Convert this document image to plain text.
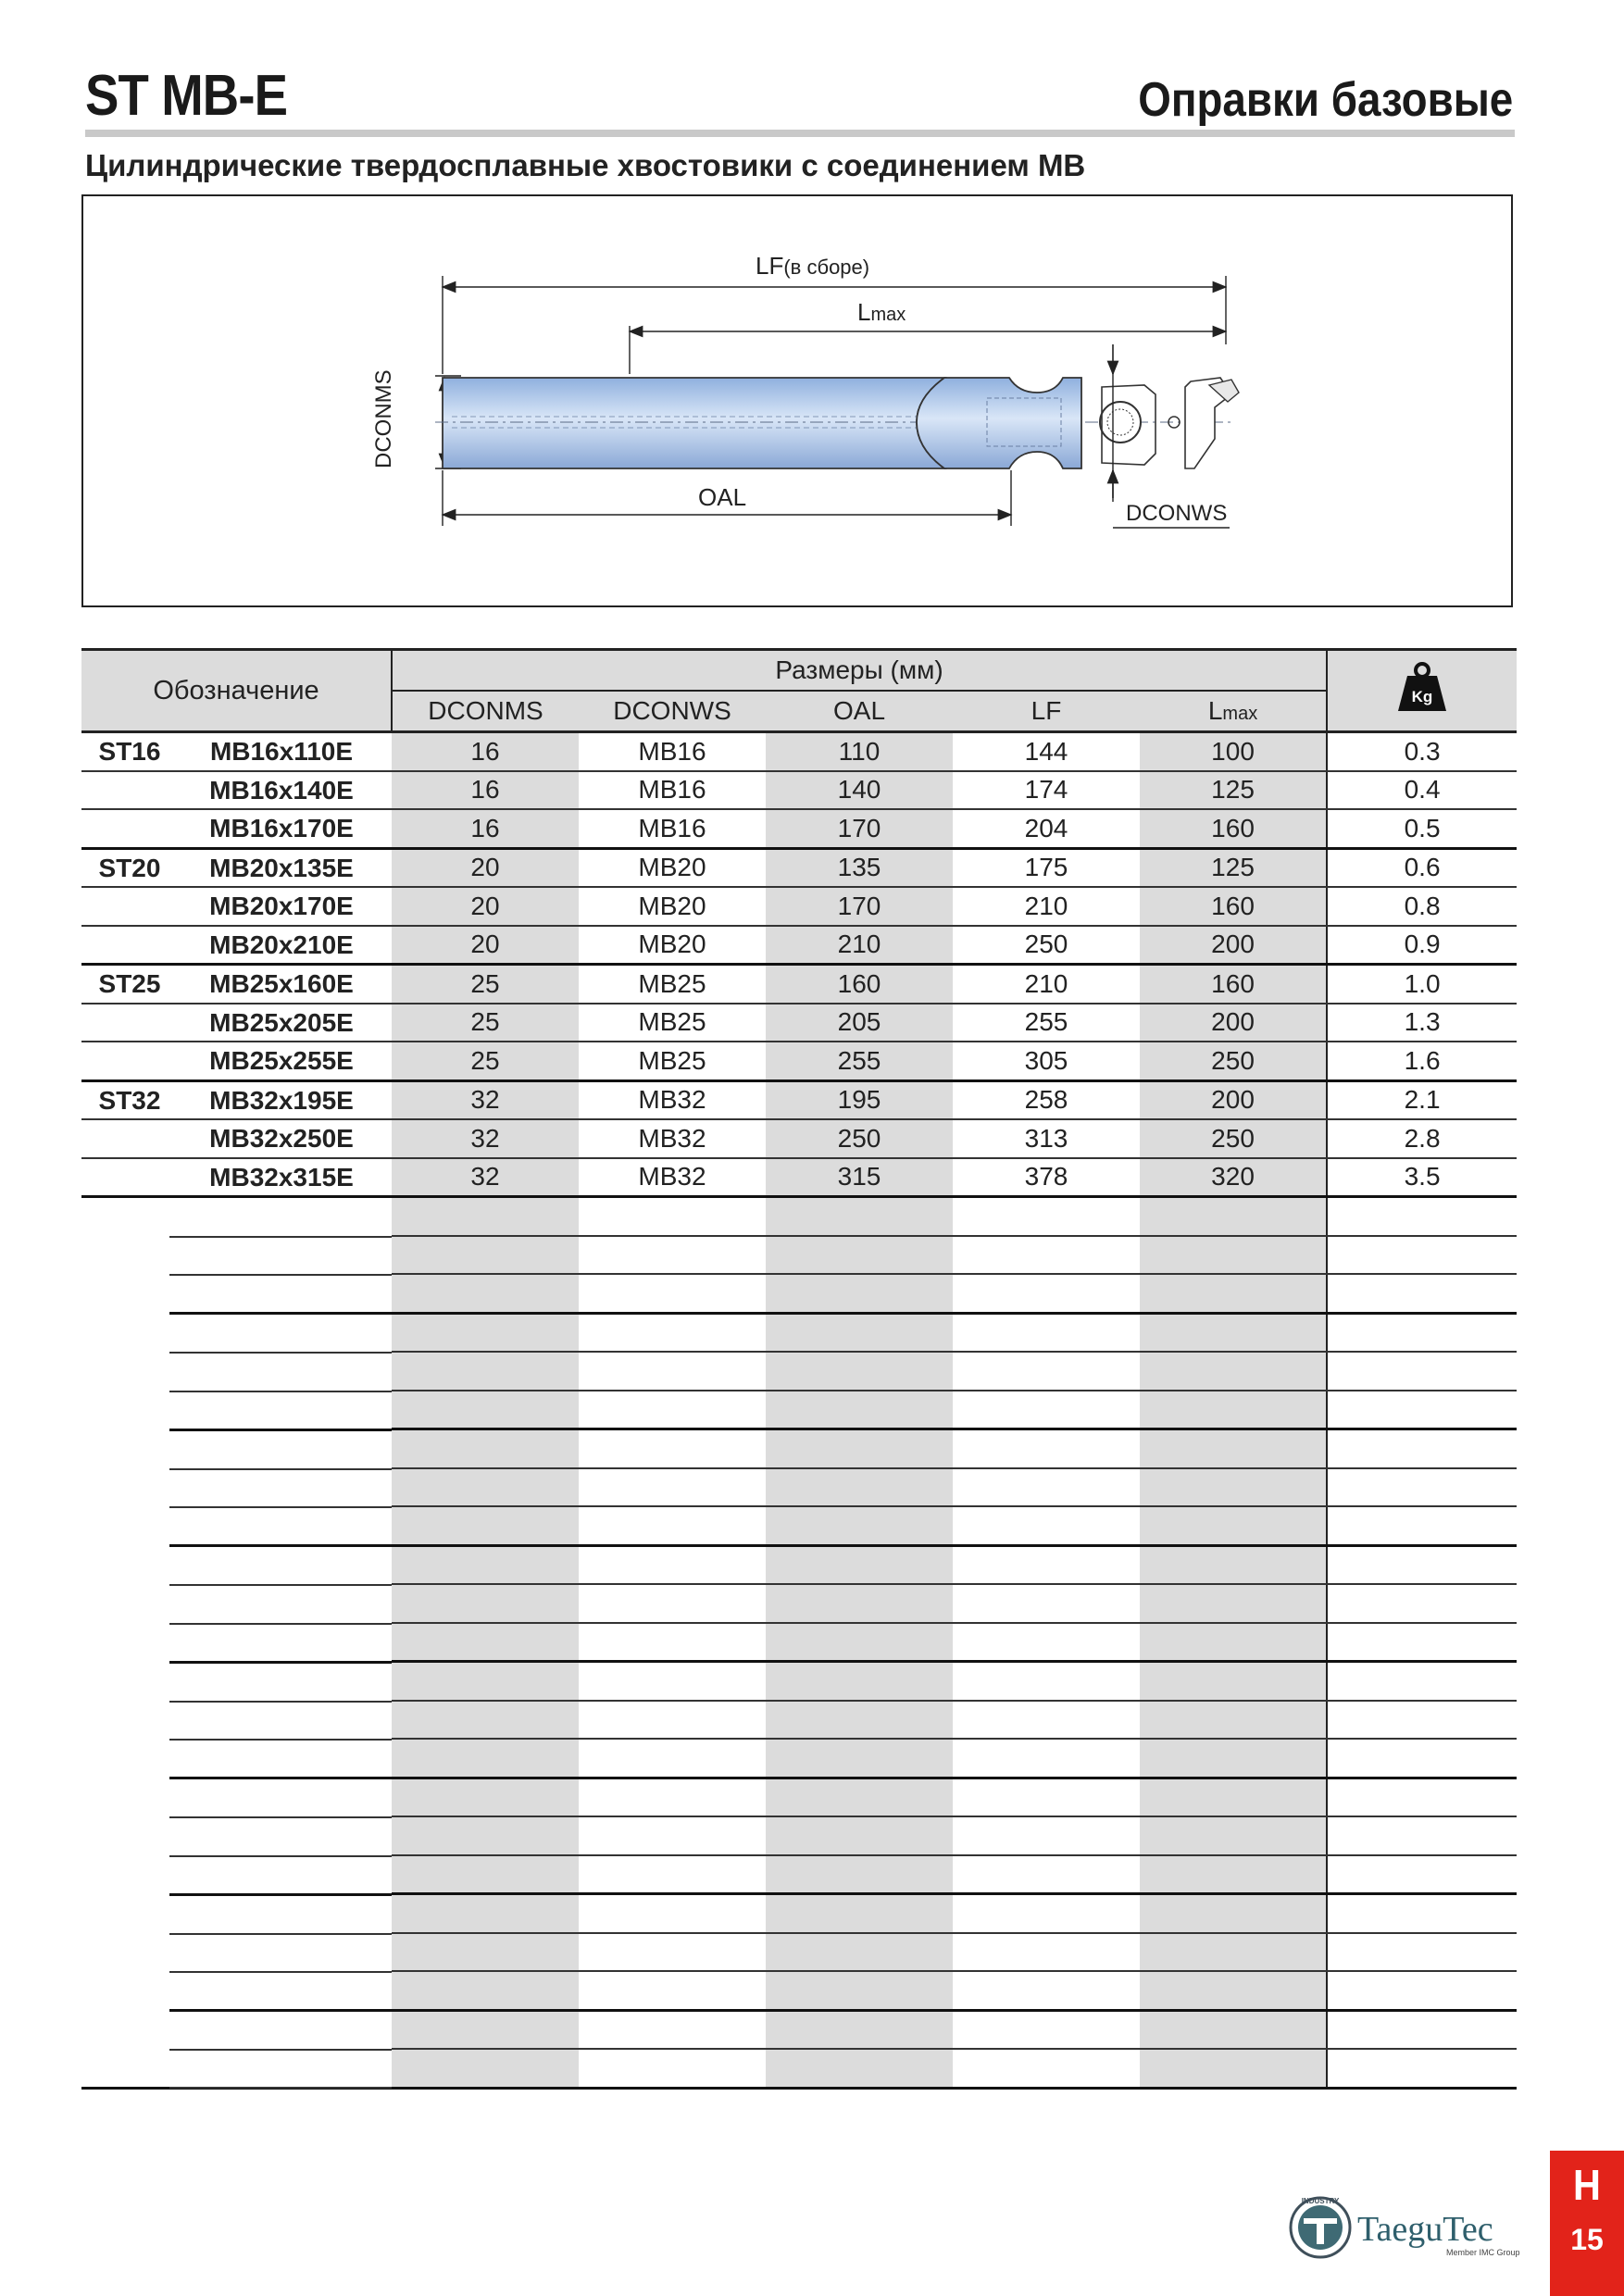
ST MB-E	Оправки базовые
Цилиндрические твердосплавные хвостовики с соединением MB
LF(в сборе)
Lmax
DCONMS
DCONWS
OAL
Обозначение	Размеры (мм)					Kg

	DCONMS	DCONWS	OAL	LF	Lmax	

ST16 MB16x110E	16	MB16	110	144	100	0.3

MB16x140E	16	MB16	140	174	125	0.4

MB16x170E	16	MB16	170	204	160	0.5

ST20 MB20x135E	20	MB20	135	175	125	0.6

MB20x170E	20	MB20	170	210	160	0.8

MB20x210E	20	MB20	210	250	200	0.9

ST25 MB25x160E	25	MB25	160	210	160	1.0

MB25x205E	25	MB25	205	255	200	1.3

MB25x255E	25	MB25	255	305	250	1.6

ST32 MB32x195E	32	MB32	195	258	200	2.1

MB32x250E	32	MB32	250	313	250	2.8

MB32x315E	32	MB32	315	378	320	3.5

INDUSTRY
TaeguTec
Member IMC Group
H
15
